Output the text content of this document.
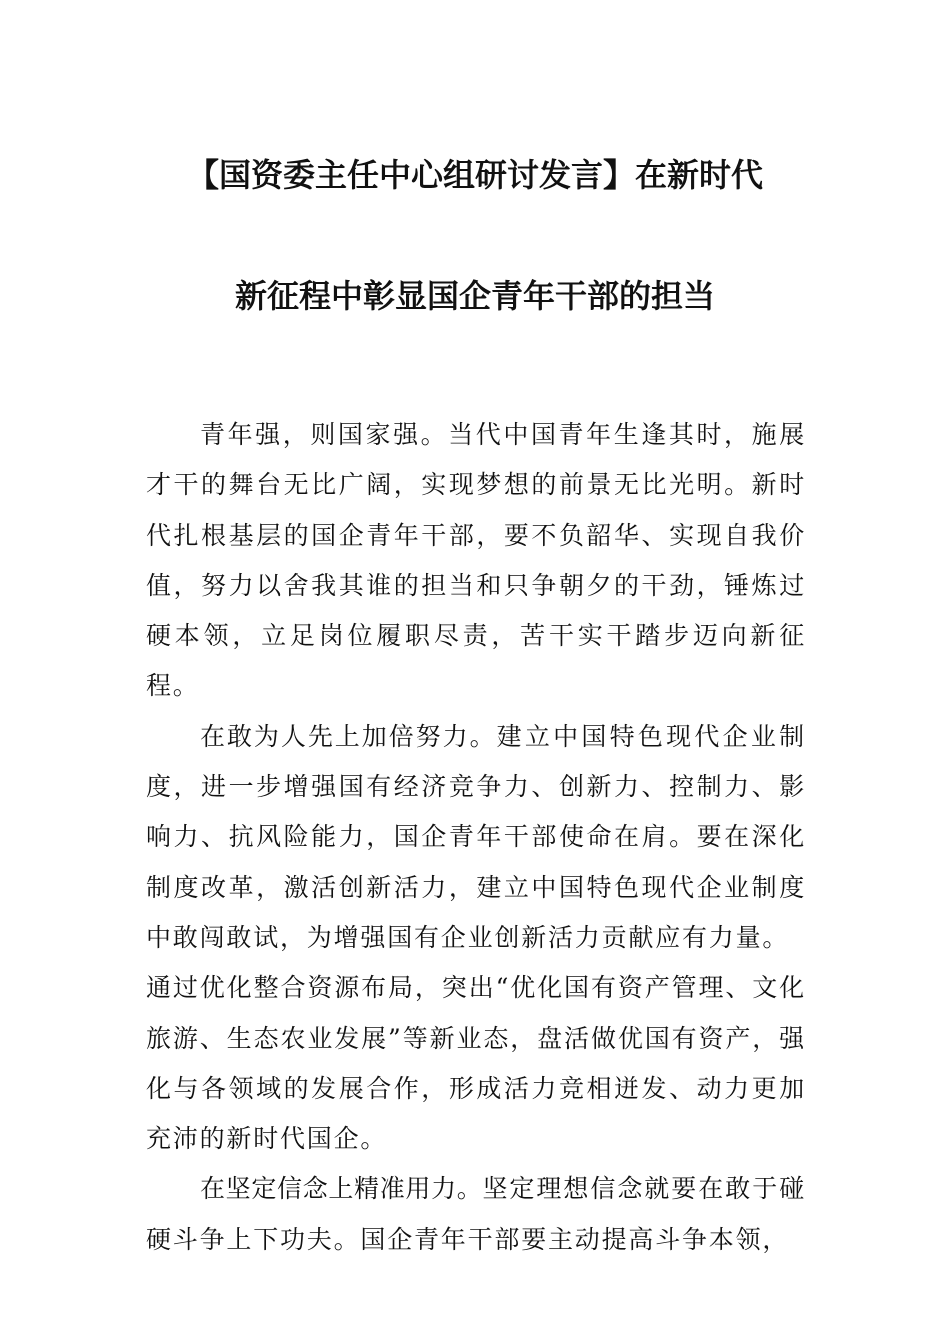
【国资委主任中心组研讨发言】在新时代
新征程中彰显国企青年干部的担当

青年强，则国家强。当代中国青年生逢其时，施展才干的舞台无比广阔，实现梦想的前景无比光明。新时代扎根基层的国企青年干部，要不负韶华、实现自我价值，努力以舍我其谁的担当和只争朝夕的干劲，锤炼过硬本领，立足岗位履职尽责，苦干实干踏步迈向新征程。

在敢为人先上加倍努力。建立中国特色现代企业制度，进一步增强国有经济竞争力、创新力、控制力、影响力、抗风险能力，国企青年干部使命在肩。要在深化制度改革，激活创新活力，建立中国特色现代企业制度中敢闯敢试，为增强国有企业创新活力贡献应有力量。

通过优化整合资源布局，突出“优化国有资产管理、文化旅游、生态农业发展”等新业态，盘活做优国有资产，强化与各领域的发展合作，形成活力竞相迸发、动力更加充沛的新时代国企。

在坚定信念上精准用力。坚定理想信念就要在敢于碰硬斗争上下功夫。国企青年干部要主动提高斗争本领，
